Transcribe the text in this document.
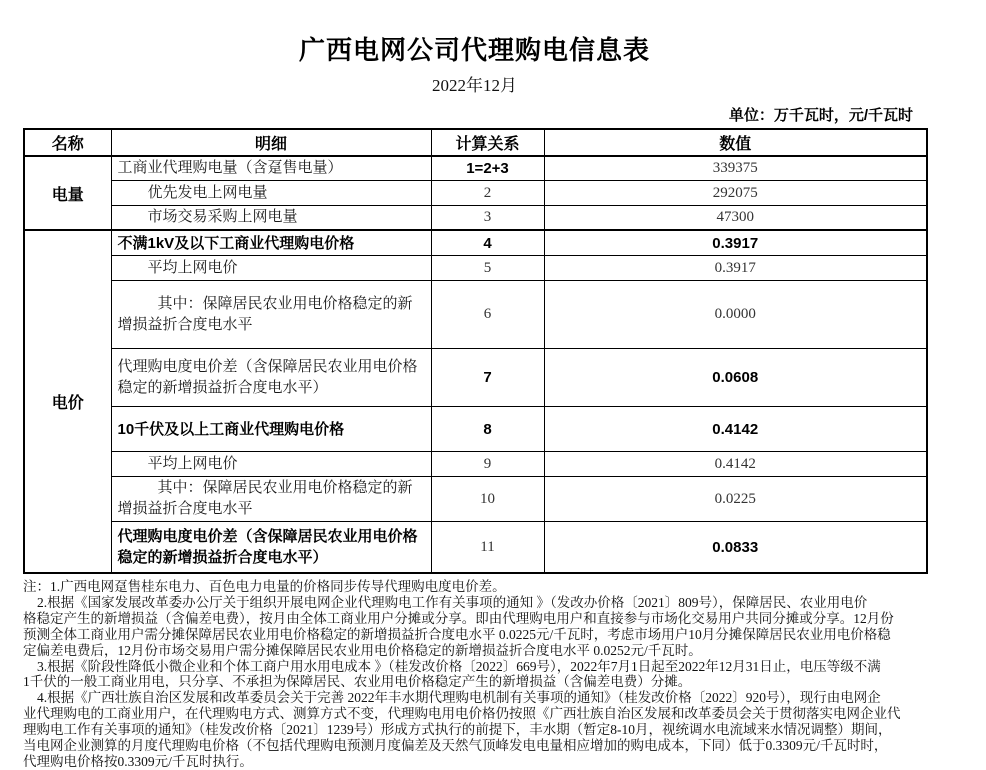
广西电网公司代理购电信息表
2022年12月
单位：万千瓦时，元/千瓦时
名称	明细	计算关系	数值
电量	工商业代理购电量（含趸售电量）	1=2+3	339375
	优先发电上网电量	2	292075
	市场交易采购上网电量	3	47300
电价	不满1kV及以下工商业代理购电价格	4	0.3917
	平均上网电价	5	0.3917
	其中：保障居民农业用电价格稳定的新增损益折合度电水平	6	0.0000
	代理购电度电价差（含保障居民农业用电价格稳定的新增损益折合度电水平）	7	0.0608
	10千伏及以上工商业代理购电价格	8	0.4142
	平均上网电价	9	0.4142
	其中：保障居民农业用电价格稳定的新增损益折合度电水平	10	0.0225
	代理购电度电价差（含保障居民农业用电价格稳定的新增损益折合度电水平）	11	0.0833
注：1.广西电网趸售桂东电力、百色电力电量的价格同步传导代理购电度电价差。
2.根据《国家发展改革委办公厅关于组织开展电网企业代理购电工作有关事项的通知 》（发改办价格〔2021〕809号），保障居民、农业用电价
格稳定产生的新增损益（含偏差电费），按月由全体工商业用户分摊或分享。即由代理购电用户和直接参与市场化交易用户共同分摊或分享。12月份
预测全体工商业用户需分摊保障居民农业用电价格稳定的新增损益折合度电水平 0.0225元/千瓦时，考虑市场用户10月分摊保障居民农业用电价格稳
定偏差电费后，12月份市场交易用户需分摊保障居民农业用电价格稳定的新增损益折合度电水平 0.0252元/千瓦时。
3.根据《阶段性降低小微企业和个体工商户用水用电成本 》（桂发改价格〔2022〕669号），2022年7月1日起至2022年12月31日止，电压等级不满
1千伏的一般工商业用电，只分享、不承担为保障居民、农业用电价格稳定产生的新增损益（含偏差电费）分摊。
4.根据《广西壮族自治区发展和改革委员会关于完善 2022年丰水期代理购电机制有关事项的通知》（桂发改价格〔2022〕920号），现行由电网企
业代理购电的工商业用户，在代理购电方式、测算方式不变，代理购电用电价格仍按照《广西壮族自治区发展和改革委员会关于贯彻落实电网企业代
理购电工作有关事项的通知》（桂发改价格〔2021〕1239号）形成方式执行的前提下，丰水期（暂定8-10月，视统调水电流域来水情况调整）期间，
当电网企业测算的月度代理购电价格（不包括代理购电预测月度偏差及天然气顶峰发电电量相应增加的购电成本，下同）低于0.3309元/千瓦时时，
代理购电价格按0.3309元/千瓦时执行。
